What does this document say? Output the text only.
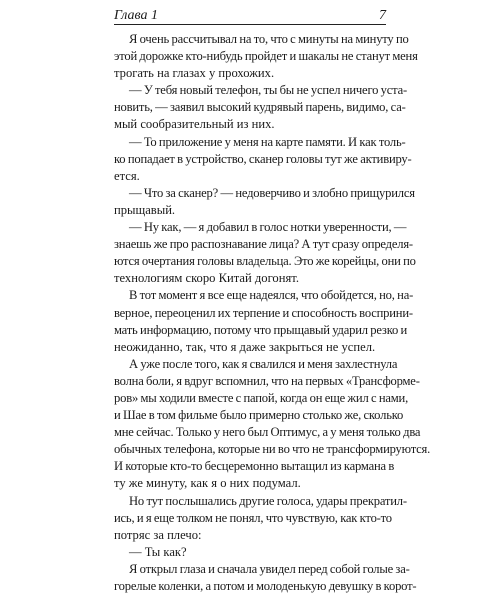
Глава 1	7
Я очень рассчитывал на то, что с минуты на минуту по
этой дорожке кто-нибудь пройдет и шакалы не станут меня
трогать на глазах у прохожих.
— У тебя новый телефон, ты бы не успел ничего уста-
новить, — заявил высокий кудрявый парень, видимо, са-
мый сообразительный из них.
— То приложение у меня на карте памяти. И как толь-
ко попадает в устройство, сканер головы тут же активиру-
ется.
— Что за сканер? — недоверчиво и злобно прищурился
прыщавый.
— Ну как, — я добавил в голос нотки уверенности, —
знаешь же про распознавание лица? А тут сразу определя-
ются очертания головы владельца. Это же корейцы, они по
технологиям скоро Китай догонят.
В тот момент я все еще надеялся, что обойдется, но, на-
верное, переоценил их терпение и способность восприни-
мать информацию, потому что прыщавый ударил резко и
неожиданно, так, что я даже закрыться не успел.
А уже после того, как я свалился и меня захлестнула
волна боли, я вдруг вспомнил, что на первых «Трансформе-
ров» мы ходили вместе с папой, когда он еще жил с нами,
и Шае в том фильме было примерно столько же, сколько
мне сейчас. Только у него был Оптимус, а у меня только два
обычных телефона, которые ни во что не трансформируются.
И которые кто-то бесцеремонно вытащил из кармана в
ту же минуту, как я о них подумал.
Но тут послышались другие голоса, удары прекратил-
ись, и я еще толком не понял, что чувствую, как кто-то
потряс за плечо:
— Ты как?
Я открыл глаза и сначала увидел перед собой голые за-
горелые коленки, а потом и молоденькую девушку в корот-
